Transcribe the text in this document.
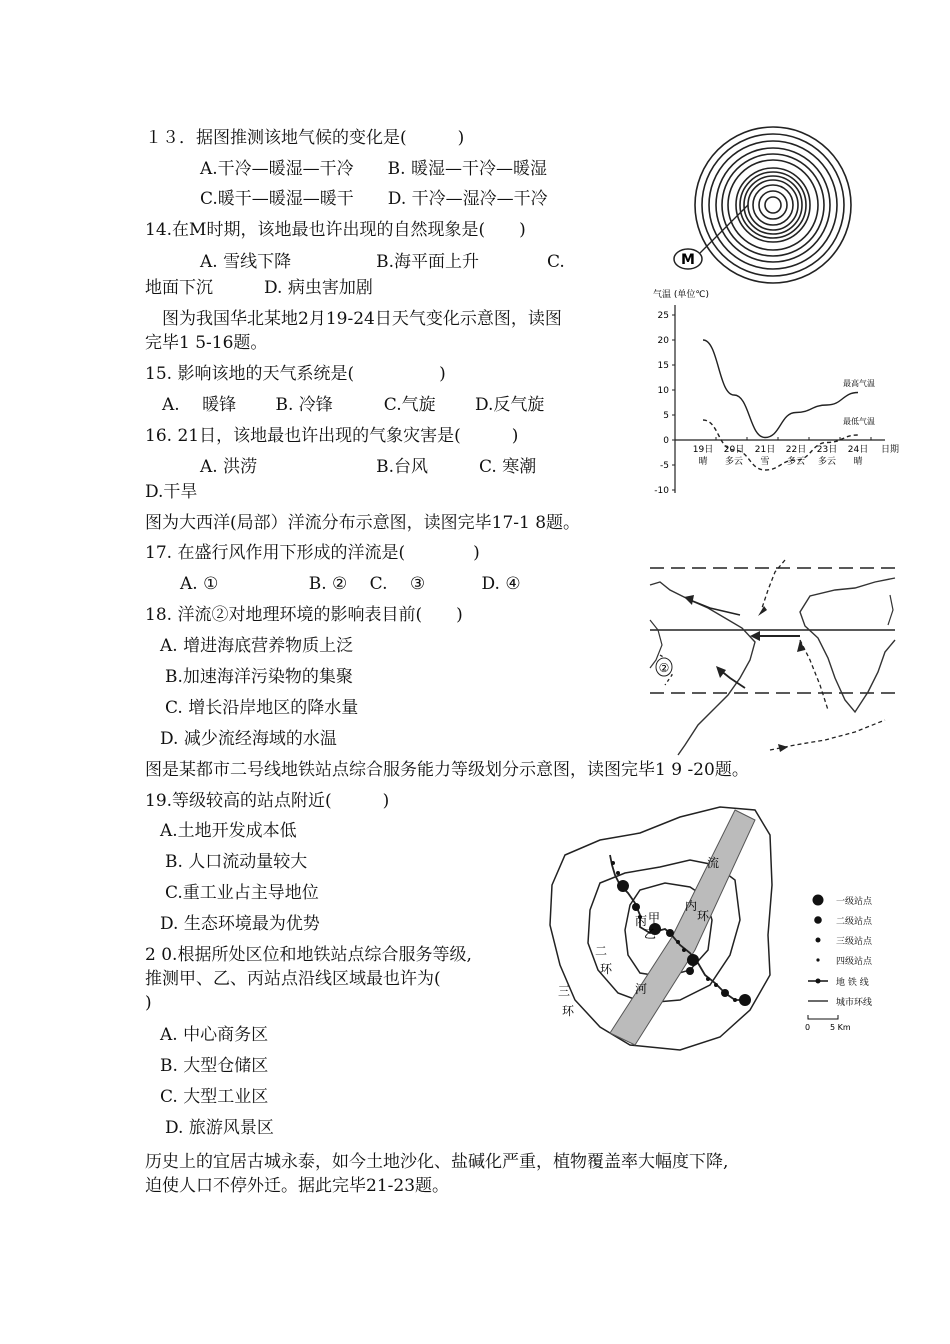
１３．据图推测该地气候的变化是(　　　)
A.干冷—暖湿—干冷　　B. 暖湿—干冷—暖湿
C.暖干—暖湿—暖干　　D. 干冷—湿冷—干冷
14.在M时期，该地最也许出现的自然现象是(　　)
A. 雪线下降　　　　　B.海平面上升　　　　C.
地面下沉　　　D. 病虫害加剧
M
　图为我国华北某地2月19-24日天气变化示意图，读图
完毕1 5-16题。
15. 影响该地的天气系统是(　　　　　)
　A.　 暖锋　　 B. 冷锋　　　C.气旋　　 D.反气旋
16. 21日，该地最也许出现的气象灾害是(　　　)
A. 洪涝　　　　　　　B.台风　　　C. 寒潮
D.干旱
气温 (单位℃)
25
20
15
10
5
0
-5
-10
19日
晴
20日
多云
21日
雪
22日
多云
23日
多云
24日
晴
日期
最高气温
最低气温
图为大西洋(局部）洋流分布示意图，读图完毕17-1 8题。
17. 在盛行风作用下形成的洋流是(　　　　)
A. ①　　　　　 B. ②　 C. 　③　　　 D. ④
18. 洋流②对地理环境的影响表目前(　　)
A. 增进海底营养物质上泛
B.加速海洋污染物的集聚
C. 增长沿岸地区的降水量
D. 减少流经海域的水温
②
图是某都市二号线地铁站点综合服务能力等级划分示意图，读图完毕1 9 -20题。
19.等级较高的站点附近(　　　)
A.土地开发成本低
B. 人口流动量较大
C.重工业占主导地位
D. 生态环境最为优势
2 0.根据所处区位和地铁站点综合服务等级,
推测甲、乙、丙站点沿线区域最也许为(
)
A. 中心商务区
B. 大型仓储区
C. 大型工业区
D. 旅游风景区
丙 甲
乙
二
环
三
环
内
环
河
流
一级站点
二级站点
三级站点
四级站点
地 铁 线
城市环线
0 5 Km
历史上的宜居古城永泰，如今土地沙化、盐碱化严重，植物覆盖率大幅度下降,
迫使人口不停外迁。据此完毕21-23题。
